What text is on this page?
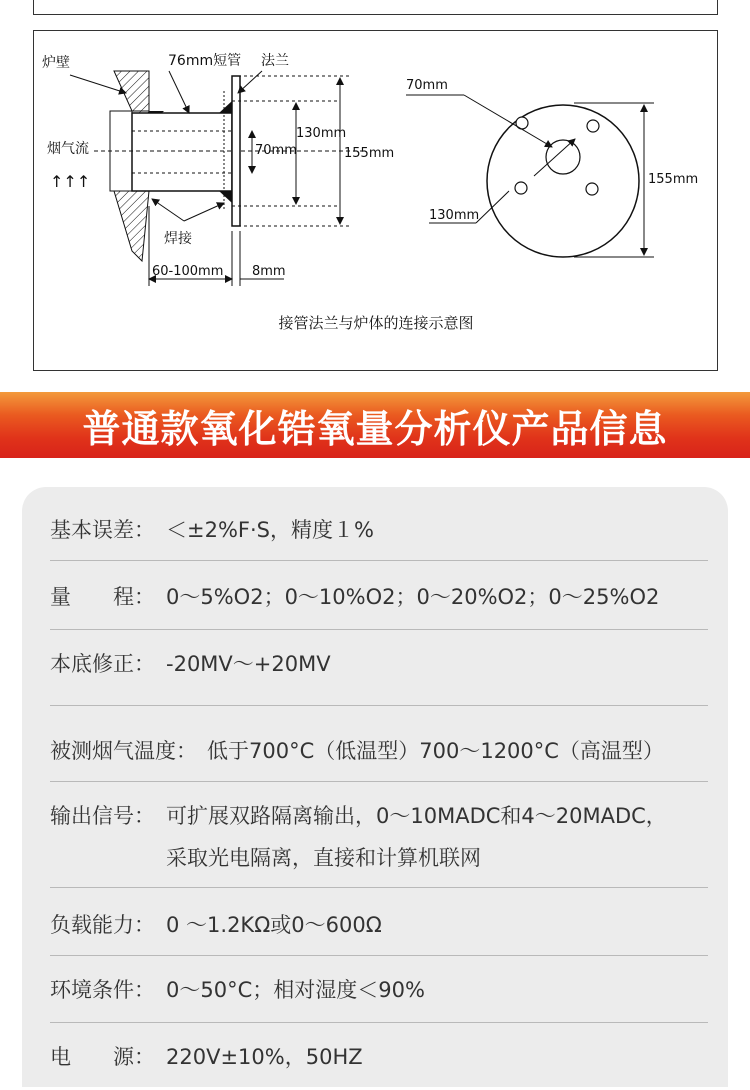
炉壁	76mm短管 法兰
烟气流
↑↑↑
焊接
130mm
70mm	155mm
60-100mm 8mm
70mm
130mm
155mm
接管法兰与炉体的连接示意图
普通款氧化锆氧量分析仪产品信息
基本误差： ＜±2%F·S，精度１%
量　　程： 0～5%O2；0～10%O2；0～20%O2；0～25%O2
本底修正： -20MV～+20MV
被测烟气温度： 低于700°C（低温型）700～1200°C（高温型）
输出信号： 可扩展双路隔离输出，0～10MADC和4～20MADC，
采取光电隔离，直接和计算机联网
负载能力： 0 ～1.2KΩ或0～600Ω
环境条件： 0～50°C；相对湿度＜90%
电　　源： 220V±10%，50HZ
